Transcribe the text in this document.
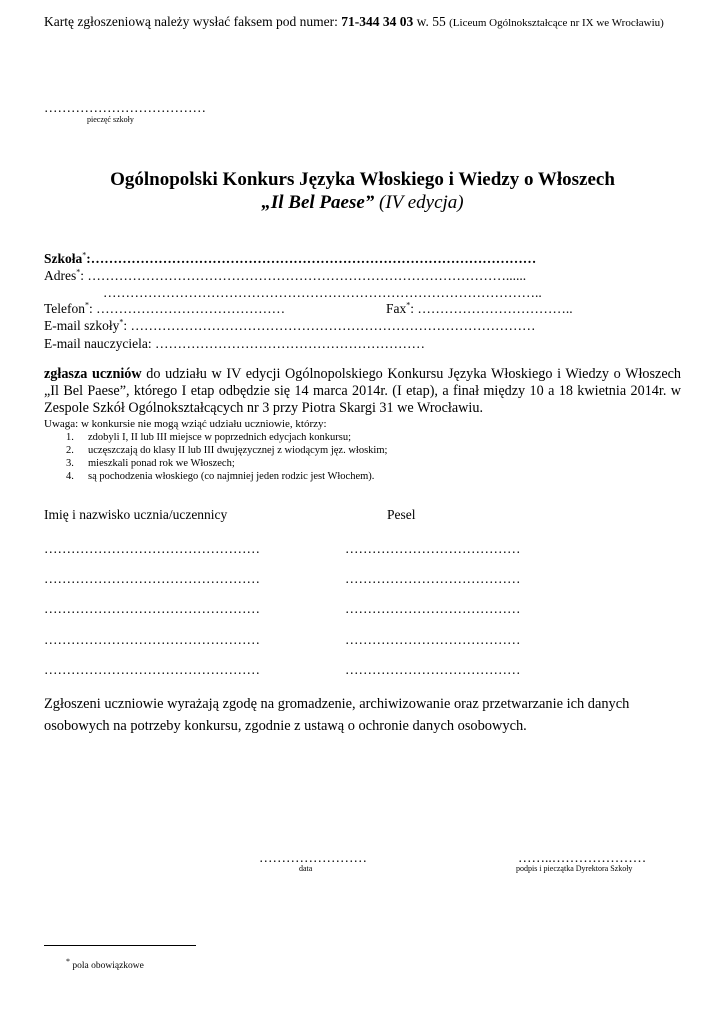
Kartę zgłoszeniową należy wysłać faksem pod numer: 71-344 34 03 w. 55 (Liceum Ogólnokształcące nr IX we Wrocławiu)
………………………………
pieczęć szkoły
Ogólnopolski Konkurs Języka Włoskiego i Wiedzy o Włoszech
„Il Bel Paese” (IV edycja)
Szkoła*:………………………………………………………………………………………
Adres*: …………………………………………………………………………………......
……………………………………………………………………………………..
Telefon*: ……………………………………	Fax*: ……………………………..
E-mail szkoły*: ………………………………………………………………………………
E-mail nauczyciela: ……………………………………………………
zgłasza uczniów do udziału w IV edycji Ogólnopolskiego Konkursu Języka Włoskiego i Wiedzy o Włoszech „Il Bel Paese”, którego I etap odbędzie się 14 marca 2014r. (I etap), a finał między 10 a 18 kwietnia 2014r. w Zespole Szkół Ogólnokształcących nr 3 przy Piotra Skargi 31 we Wrocławiu.
Uwaga: w konkursie nie mogą wziąć udziału uczniowie, którzy:
1. zdobyli I, II lub III miejsce w poprzednich edycjach konkursu;
2. uczęszczają do klasy II lub III dwujęzycznej z wiodącym jęz. włoskim;
3. mieszkali ponad rok we Włoszech;
4. są pochodzenia włoskiego (co najmniej jeden rodzic jest Włochem).
Imię i nazwisko ucznia/uczennicy	Pesel
…………………………………………	…………………………………
…………………………………………	…………………………………
…………………………………………	…………………………………
…………………………………………	…………………………………
…………………………………………	…………………………………
Zgłoszeni uczniowie wyrażają zgodę na gromadzenie, archiwizowanie oraz przetwarzanie ich danych osobowych na potrzeby konkursu, zgodnie z ustawą o ochronie danych osobowych.
……………………
data
……..…………………
podpis i pieczątka Dyrektora Szkoły
* pola obowiązkowe
